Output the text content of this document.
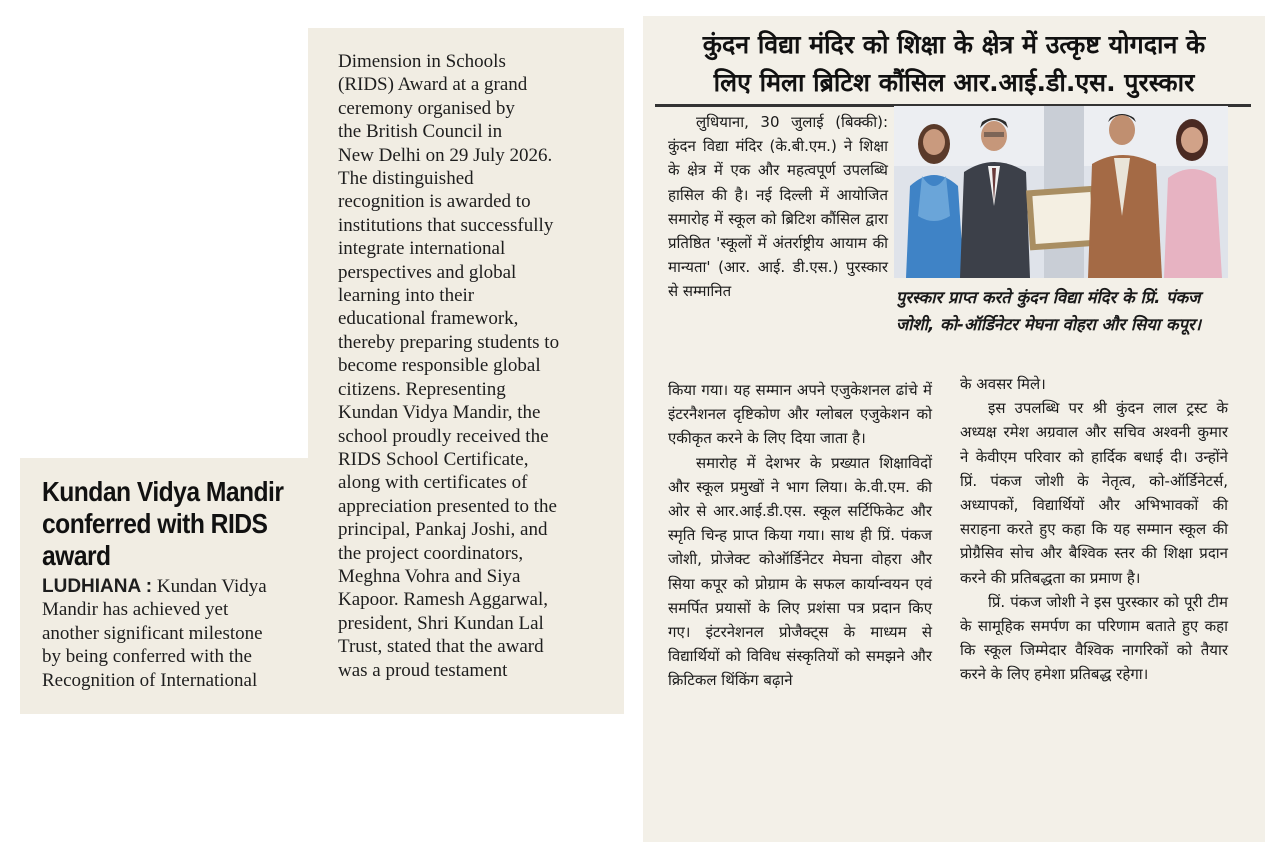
Kundan Vidya Mandir conferred with RIDS award
LUDHIANA : Kundan Vidya
Mandir has achieved yet
another significant milestone
by being conferred with the
Recognition of International
Dimension in Schools
(RIDS) Award at a grand
ceremony organised by
the British Council in
New Delhi on 29 July 2026.
The distinguished
recognition is awarded to
institutions that successfully
integrate international
perspectives and global
learning into their
educational framework,
thereby preparing students to
become responsible global
citizens. Representing
Kundan Vidya Mandir, the
school proudly received the
RIDS School Certificate,
along with certificates of
appreciation presented to the
principal, Pankaj Joshi, and
the project coordinators,
Meghna Vohra and Siya
Kapoor. Ramesh Aggarwal,
president, Shri Kundan Lal
Trust, stated that the award
was a proud testament
कुंदन विद्या मंदिर को शिक्षा के क्षेत्र में उत्कृष्ट योगदान के
लिए मिला ब्रिटिश कौंसिल आर.आई.डी.एस. पुरस्कार
पुरस्कार प्राप्त करते कुंदन विद्या मंदिर के प्रिं. पंकज जोशी, को-ऑर्डिनेटर मेघना वोहरा और सिया कपूर।

लुधियाना, 30 जुलाई (बिक्की): कुंदन विद्या मंदिर (के.बी.एम.) ने शिक्षा के क्षेत्र में एक और महत्वपूर्ण उपलब्धि हासिल की है। नई दिल्ली में आयोजित समारोह में स्कूल को ब्रिटिश कौंसिल द्वारा प्रतिष्ठित 'स्कूलों में अंतर्राष्ट्रीय आयाम की मान्यता' (आर. आई. डी.एस.) पुरस्कार से सम्मानित

किया गया। यह सम्मान अपने एजुकेशनल ढांचे में इंटरनैशनल दृष्टिकोण और ग्लोबल एजुकेशन को एकीकृत करने के लिए दिया जाता है।

समारोह में देशभर के प्रख्यात शिक्षाविदों और स्कूल प्रमुखों ने भाग लिया। के.वी.एम. की ओर से आर.आई.डी.एस. स्कूल सर्टिफिकेट और स्मृति चिन्ह प्राप्त किया गया। साथ ही प्रिं. पंकज जोशी, प्रोजेक्ट कोऑर्डिनेटर मेघना वोहरा और सिया कपूर को प्रोग्राम के सफल कार्यान्वयन एवं समर्पित प्रयासों के लिए प्रशंसा पत्र प्रदान किए गए। इंटरनेशनल प्रोजैक्ट्स के माध्यम से विद्यार्थियों को विविध संस्कृतियों को समझने और क्रिटिकल थिंकिंग बढ़ाने

के अवसर मिले।

इस उपलब्धि पर श्री कुंदन लाल ट्रस्ट के अध्यक्ष रमेश अग्रवाल और सचिव अश्वनी कुमार ने केवीएम परिवार को हार्दिक बधाई दी। उन्होंने प्रिं. पंकज जोशी के नेतृत्व, को-ऑर्डिनेटर्स, अध्यापकों, विद्यार्थियों और अभिभावकों की सराहना करते हुए कहा कि यह सम्मान स्कूल की प्रोग्रैसिव सोच और बैश्विक स्तर की शिक्षा प्रदान करने की प्रतिबद्धता का प्रमाण है।

प्रिं. पंकज जोशी ने इस पुरस्कार को पूरी टीम के सामूहिक समर्पण का परिणाम बताते हुए कहा कि स्कूल जिम्मेदार वैश्विक नागरिकों को तैयार करने के लिए हमेशा प्रतिबद्ध रहेगा।
